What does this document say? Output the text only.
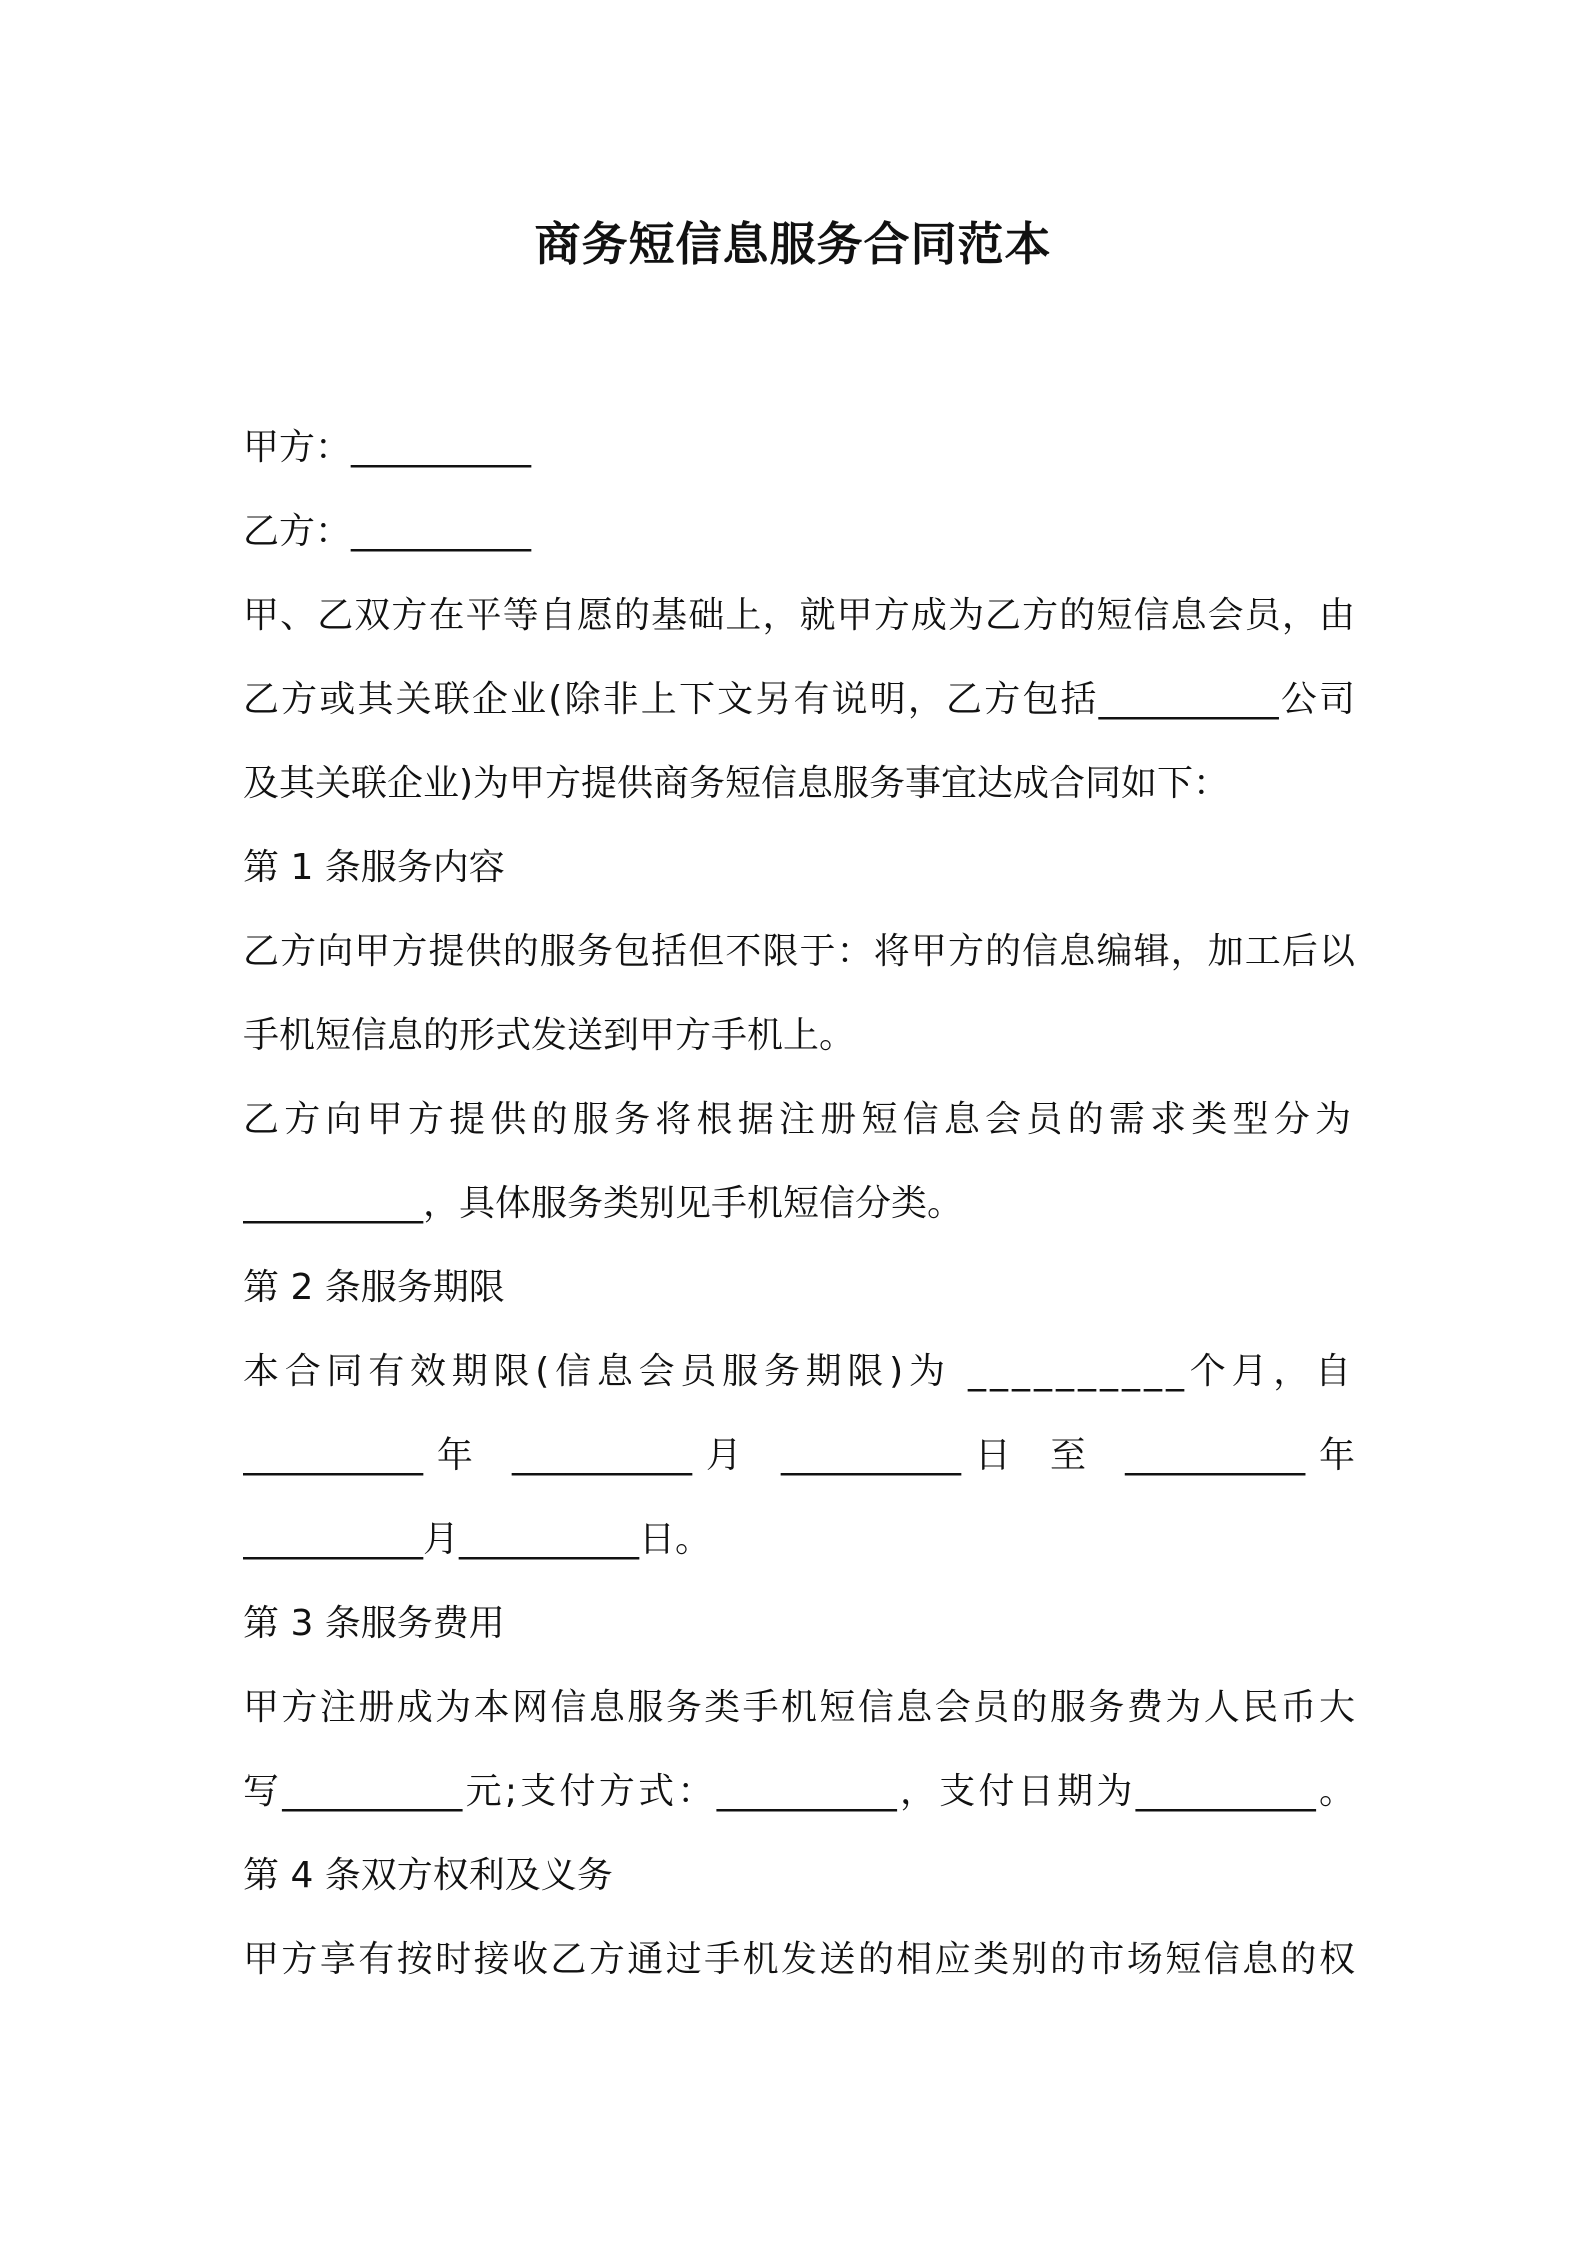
商务短信息服务合同范本
甲方：__________
乙方：__________
甲、乙双方在平等自愿的基础上，就甲方成为乙方的短信息会员，由
乙方或其关联企业(除非上下文另有说明，乙方包括__________公司
及其关联企业)为甲方提供商务短信息服务事宜达成合同如下：
第 1 条服务内容
乙方向甲方提供的服务包括但不限于：将甲方的信息编辑，加工后以
手机短信息的形式发送到甲方手机上。
乙方向甲方提供的服务将根据注册短信息会员的需求类型分为
__________，具体服务类别见手机短信分类。
第 2 条服务期限
本合同有效期限(信息会员服务期限)为 __________个月，自
__________年 __________月 __________日 至 __________年
__________月__________日。
第 3 条服务费用
甲方注册成为本网信息服务类手机短信息会员的服务费为人民币大
写__________元;支付方式：__________，支付日期为__________。
第 4 条双方权利及义务
甲方享有按时接收乙方通过手机发送的相应类别的市场短信息的权
